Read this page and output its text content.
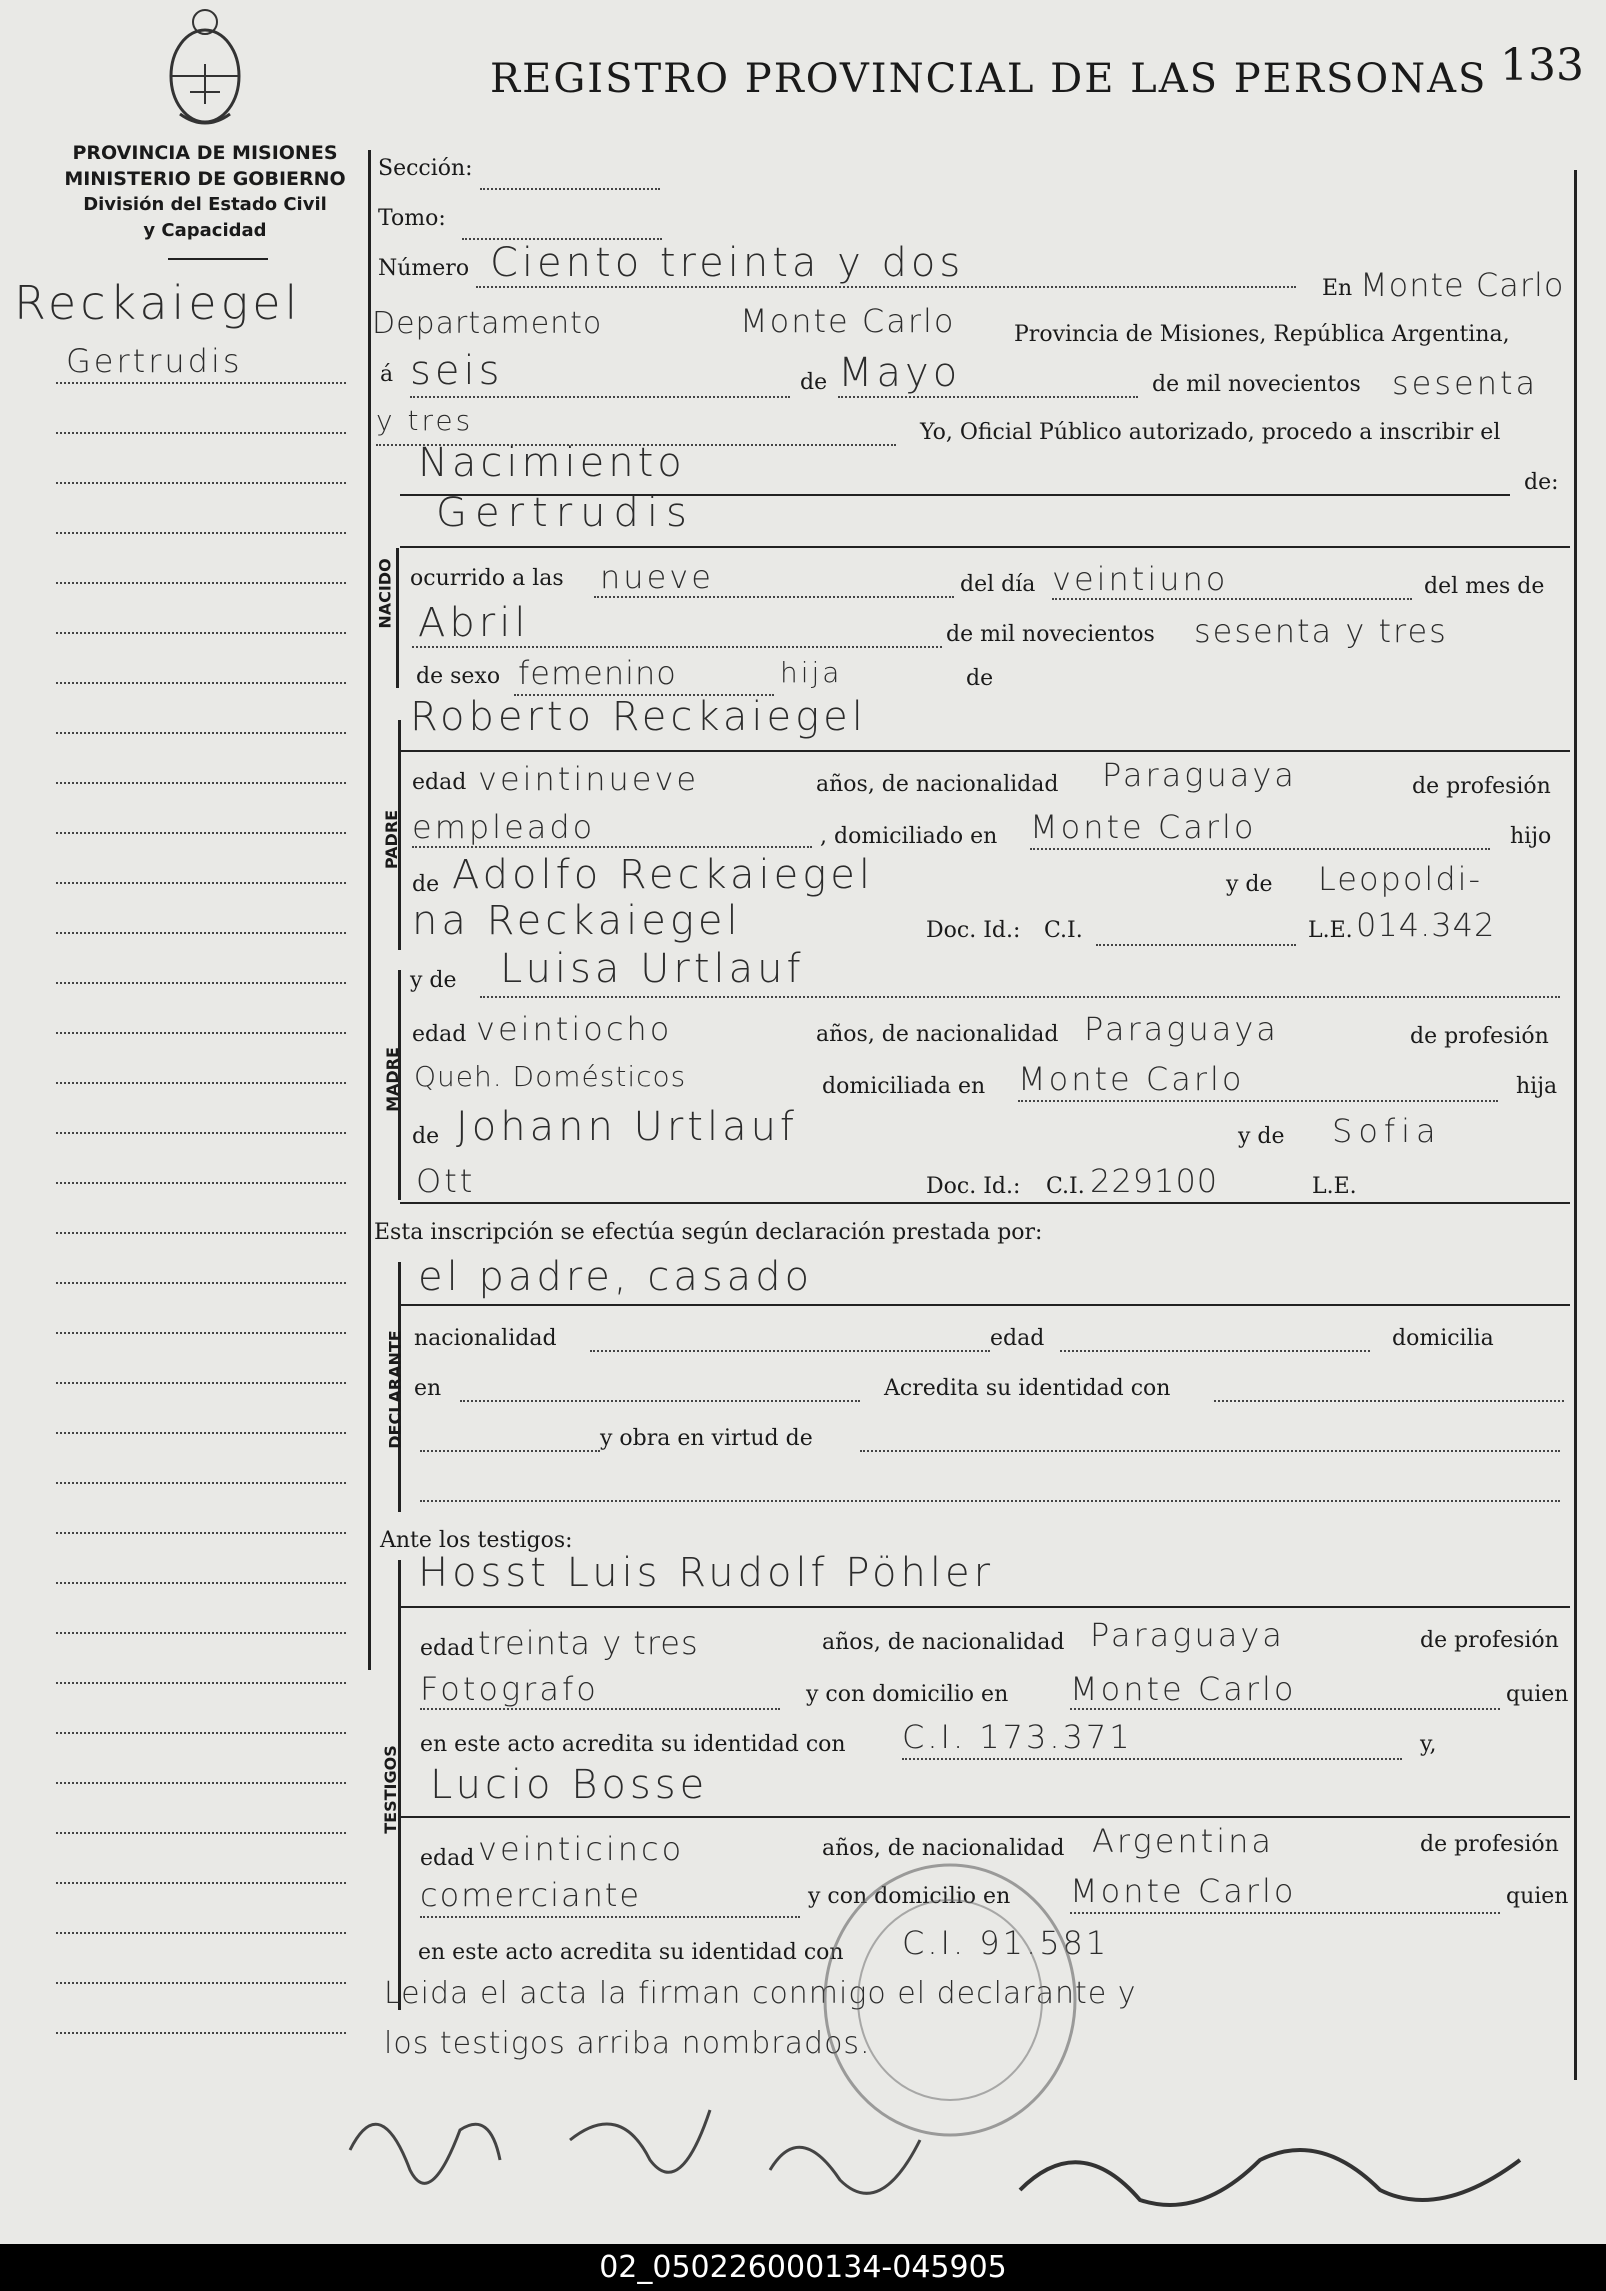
REGISTRO PROVINCIAL DE LAS PERSONAS 133
PROVINCIA DE MISIONES
MINISTERIO DE GOBIERNO
División del Estado Civil
y Capacidad
Reckaiegel
Gertrudis
Sección:
Tomo:
Número Ciento treinta y dos
En Monte Carlo
Departamento	Monte Carlo	Provincia de Misiones, República Argentina,
á seis	de Mayo	de mil novecientos sesenta
y tres	Yo, Oficial Público autorizado, procedo a inscribir el
Nacimiento	de:
Gertrudis
NACIDO ocurrido a las nueve	del día veintiuno	del mes de
Abril	de mil novecientos sesenta y tres
de sexo femenino	hija	de
Roberto Reckaiegel
PADRE
edad veintinueve	años, de nacionalidad Paraguaya	de profesión
empleado	, domiciliado en Monte Carlo	hijo
de Adolfo Reckaiegel	y de Leopoldi-
na Reckaiegel	Doc. Id.: C.I.	L.E. 014.342
MADRE
y de Luisa Urtlauf
edad veintiocho	años, de nacionalidad Paraguaya	de profesión
Queh. Domésticos	domiciliada en Monte Carlo	hija
de Johann Urtlauf	y de Sofia
Ott	Doc. Id.: C.I. 229100	L.E.
Esta inscripción se efectúa según declaración prestada por:
DECLARANTE
el padre, casado
nacionalidad	edad	domicilia
en	Acredita su identidad con
y obra en virtud de
Ante los testigos:
TESTIGOS
Hosst Luis Rudolf Pöhler
edad treinta y tres	años, de nacionalidad Paraguaya	de profesión
Fotografo	y con domicilio en Monte Carlo	quien
en este acto acredita su identidad con C.I. 173.371	y,
Lucio Bosse
edad veinticinco	años, de nacionalidad Argentina	de profesión
comerciante	y con domicilio en Monte Carlo	quien
en este acto acredita su identidad con C.I. 91.581
Leida el acta la firman conmigo el declarante y
los testigos arriba nombrados.
02_050226000134-045905
